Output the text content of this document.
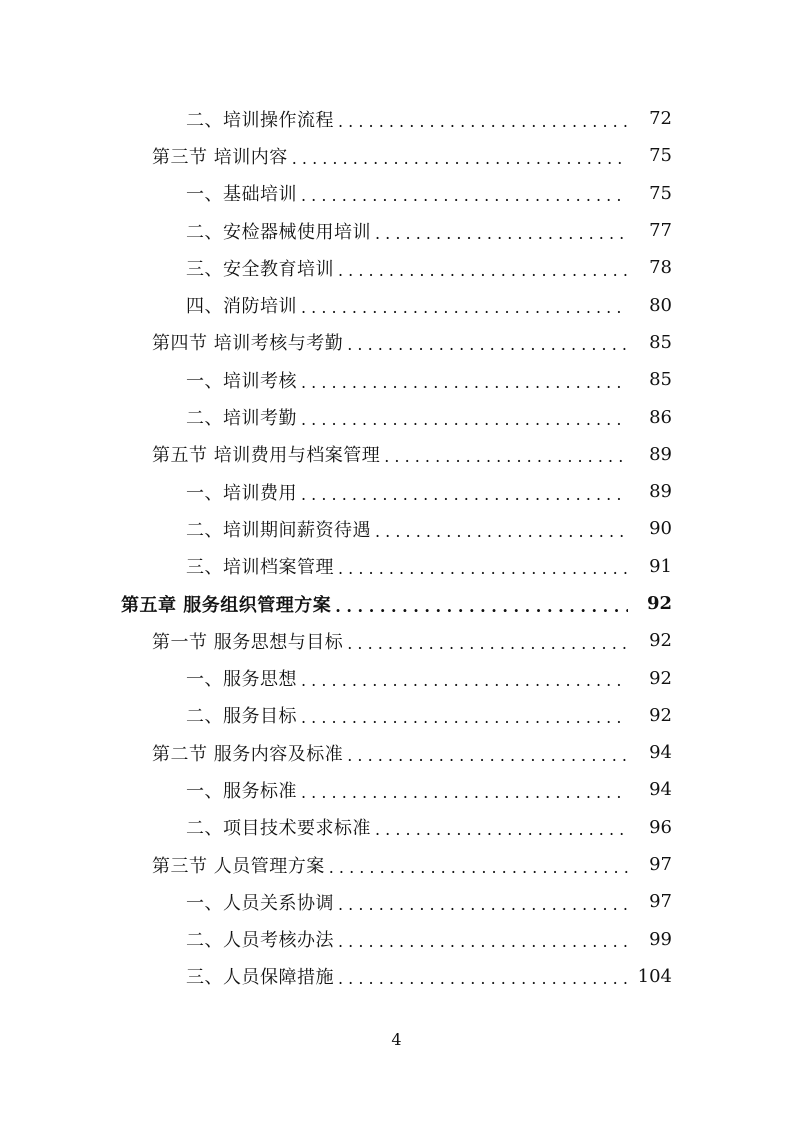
二、培训操作流程 . . .	72
第三节 培训内容 . . .	75
一、基础培训 . . .	75
二、安检器械使用培训 . . .	77
三、安全教育培训 . . .	78
四、消防培训 . . .	80
第四节 培训考核与考勤 . . .	85
一、培训考核 . . .	85
二、培训考勤 . . .	86
第五节 培训费用与档案管理 . . .	89
一、培训费用 . . .	89
二、培训期间薪资待遇 . . .	90
三、培训档案管理 . . .	91
第五章 服务组织管理方案 . . .	92
第一节 服务思想与目标 . . .	92
一、服务思想 . . .	92
二、服务目标 . . .	92
第二节 服务内容及标准 . . .	94
一、服务标准 . . .	94
二、项目技术要求标准 . . .	96
第三节 人员管理方案 . . .	97
一、人员关系协调 . . .	97
二、人员考核办法 . . .	99
三、人员保障措施 . . .	104
4
